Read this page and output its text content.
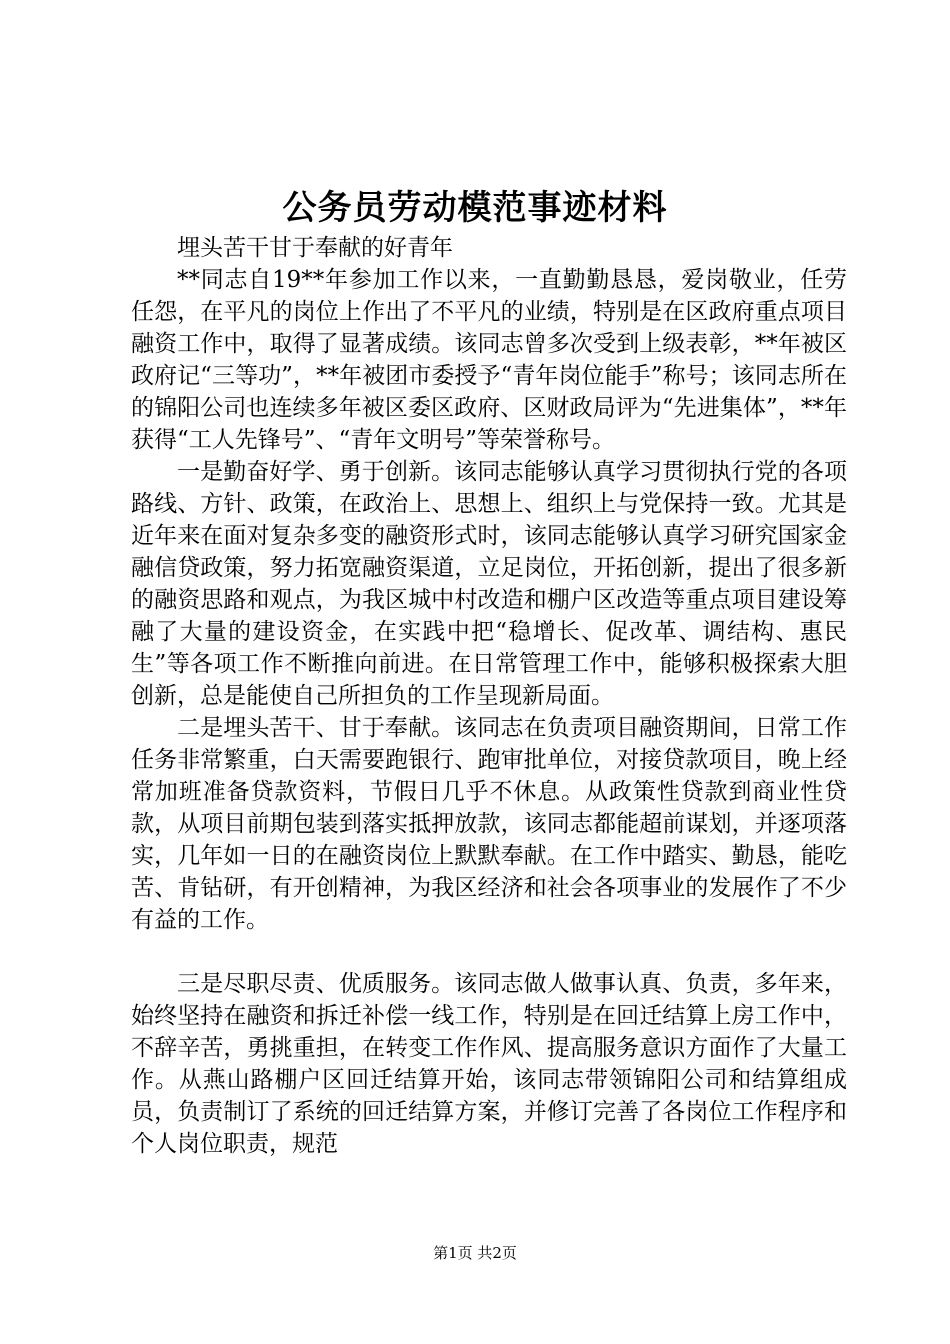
公务员劳动模范事迹材料

埋头苦干甘于奉献的好青年

**同志自19**年参加工作以来，一直勤勤恳恳，爱岗敬业，任劳任怨，在平凡的岗位上作出了不平凡的业绩，特别是在区政府重点项目融资工作中，取得了显著成绩。该同志曾多次受到上级表彰，**年被区政府记“三等功”，**年被团市委授予“青年岗位能手”称号；该同志所在的锦阳公司也连续多年被区委区政府、区财政局评为“先进集体”，**年获得“工人先锋号”、“青年文明号”等荣誉称号。

一是勤奋好学、勇于创新。该同志能够认真学习贯彻执行党的各项路线、方针、政策，在政治上、思想上、组织上与党保持一致。尤其是近年来在面对复杂多变的融资形式时，该同志能够认真学习研究国家金融信贷政策，努力拓宽融资渠道，立足岗位，开拓创新，提出了很多新的融资思路和观点，为我区城中村改造和棚户区改造等重点项目建设筹融了大量的建设资金，在实践中把“稳增长、促改革、调结构、惠民生”等各项工作不断推向前进。在日常管理工作中，能够积极探索大胆创新，总是能使自己所担负的工作呈现新局面。

二是埋头苦干、甘于奉献。该同志在负责项目融资期间，日常工作任务非常繁重，白天需要跑银行、跑审批单位，对接贷款项目，晚上经常加班准备贷款资料，节假日几乎不休息。从政策性贷款到商业性贷款，从项目前期包装到落实抵押放款，该同志都能超前谋划，并逐项落实，几年如一日的在融资岗位上默默奉献。在工作中踏实、勤恳，能吃苦、肯钻研，有开创精神，为我区经济和社会各项事业的发展作了不少有益的工作。

三是尽职尽责、优质服务。该同志做人做事认真、负责，多年来，始终坚持在融资和拆迁补偿一线工作，特别是在回迁结算上房工作中，不辞辛苦，勇挑重担，在转变工作作风、提高服务意识方面作了大量工作。从燕山路棚户区回迁结算开始，该同志带领锦阳公司和结算组成员，负责制订了系统的回迁结算方案，并修订完善了各岗位工作程序和个人岗位职责，规范

第1页 共2页
